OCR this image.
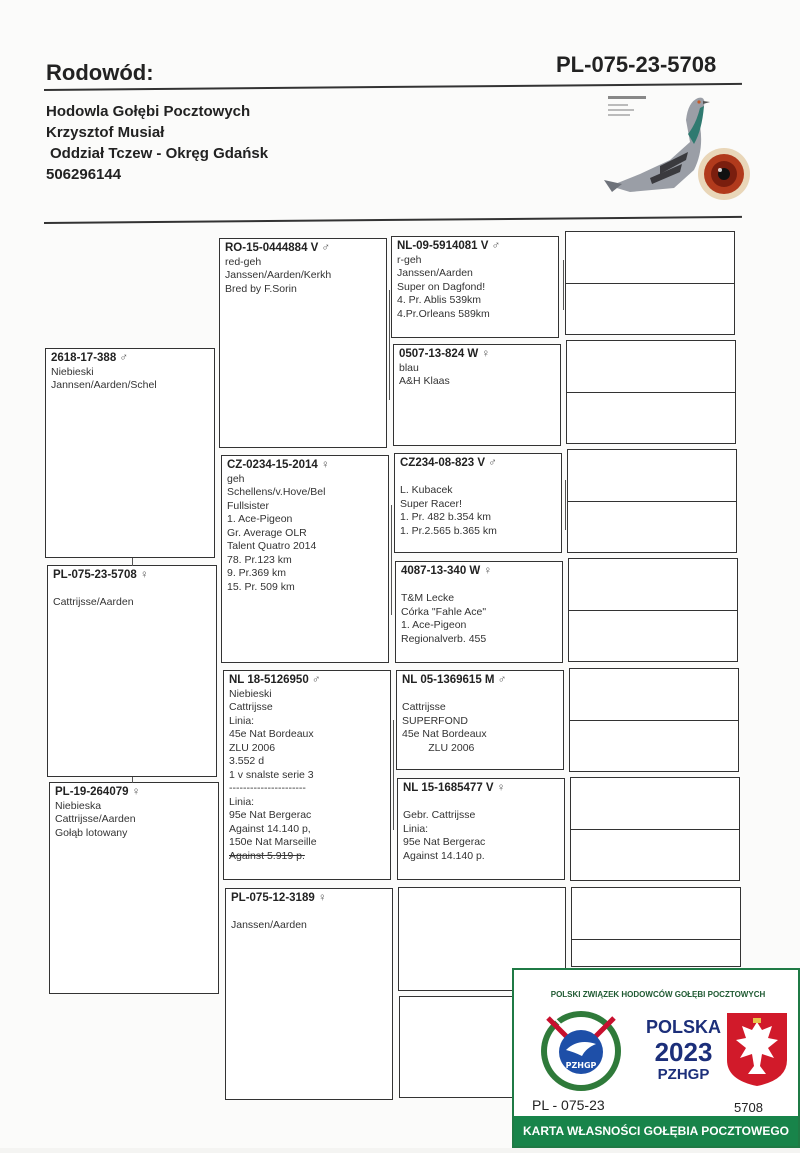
Rodowód:	PL-075-23-5708
Hodowla Gołębi Pocztowych
Krzysztof Musiał
Oddział Tczew - Okręg Gdańsk
506296144
2618-17-388 ♂
Niebieski
Jannsen/Aarden/Schel
PL-075-23-5708 ♀

Cattrijsse/Aarden
PL-19-264079 ♀
Niebieska
Cattrijsse/Aarden
Gołąb lotowany
RO-15-0444884 V ♂
red-geh
Janssen/Aarden/Kerkh
Bred by F.Sorin
CZ-0234-15-2014 ♀
geh
Schellens/v.Hove/Bel
Fullsister
1. Ace-Pigeon
Gr. Average OLR
Talent Quatro 2014
78. Pr.123 km
9. Pr.369 km
15. Pr. 509 km
NL 18-5126950 ♂
Niebieski
Cattrijsse
Linia:
45e Nat Bordeaux
ZLU 2006
3.552 d
1 v snalste serie 3
----------------------
Linia:
95e Nat Bergerac
Against 14.140 p,
150e Nat Marseille
Against 5.919 p.
PL-075-12-3189 ♀

Janssen/Aarden
NL-09-5914081 V ♂
r-geh
Janssen/Aarden
Super on Dagfond!
4. Pr. Ablis 539km
4.Pr.Orleans 589km
0507-13-824 W ♀
blau
A&H Klaas
CZ234-08-823 V ♂

L. Kubacek
Super Racer!
1. Pr. 482 b.354 km
1. Pr.2.565 b.365 km
4087-13-340 W ♀

T&M Lecke
Córka "Fahle Ace"
1. Ace-Pigeon
Regionalverb. 455
NL 05-1369615 M ♂

Cattrijsse
SUPERFOND
45e Nat Bordeaux
ZLU 2006
NL 15-1685477 V ♀

Gebr. Cattrijsse
Linia:
95e Nat Bergerac
Against 14.140 p.
POLSKI ZWIĄZEK HODOWCÓW GOŁĘBI POCZTOWYCH
PZHGP
POLSKA
2023
PZHGP
PL - 075-23	5708
KARTA WŁASNOŚCI GOŁĘBIA POCZTOWEGO
